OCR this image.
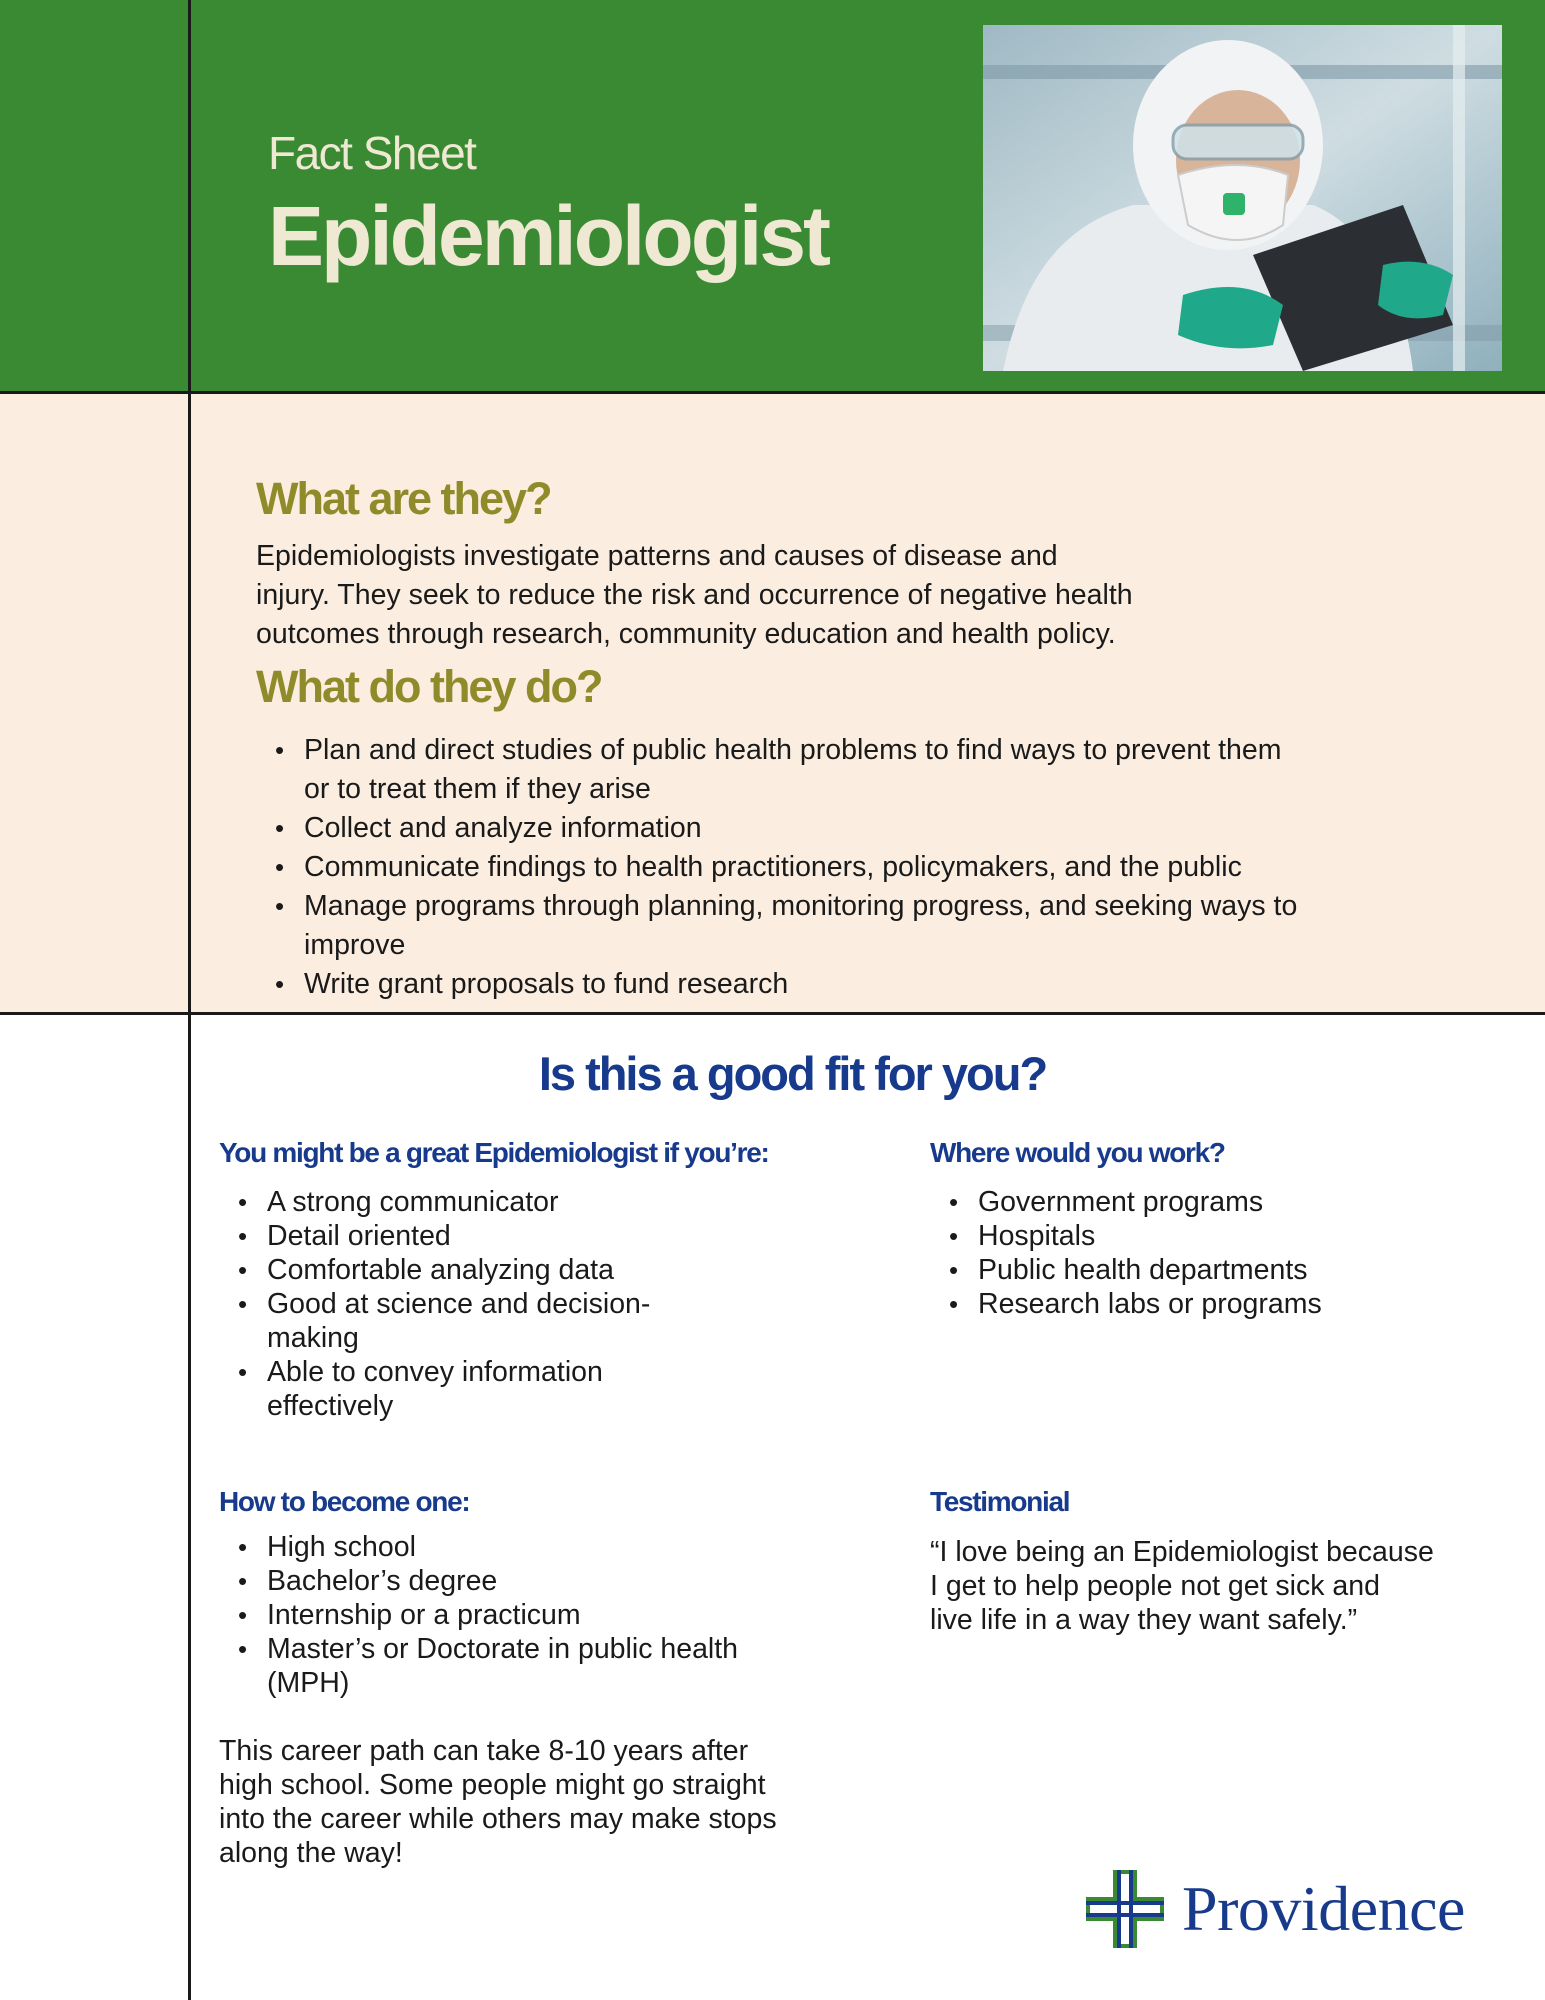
Fact Sheet
Epidemiologist
What are they?

Epidemiologists investigate patterns and causes of disease and
injury. They seek to reduce the risk and occurrence of negative health
outcomes through research, community education and health policy.

What do they do?
• Plan and direct studies of public health problems to find ways to prevent them
or to treat them if they arise
• Collect and analyze information
• Communicate findings to health practitioners, policymakers, and the public
• Manage programs through planning, monitoring progress, and seeking ways to
improve
• Write grant proposals to fund research
Is this a good fit for you?
You might be a great Epidemiologist if you’re:
• A strong communicator
• Detail oriented
• Comfortable analyzing data
• Good at science and decision-
making
• Able to convey information
effectively
Where would you work?
• Government programs
• Hospitals
• Public health departments
• Research labs or programs
How to become one:
• High school
• Bachelor’s degree
• Internship or a practicum
• Master’s or Doctorate in public health
(MPH)

This career path can take 8-10 years after
high school. Some people might go straight
into the career while others may make stops
along the way!

Testimonial

“I love being an Epidemiologist because
I get to help people not get sick and
live life in a way they want safely.”

Providence
